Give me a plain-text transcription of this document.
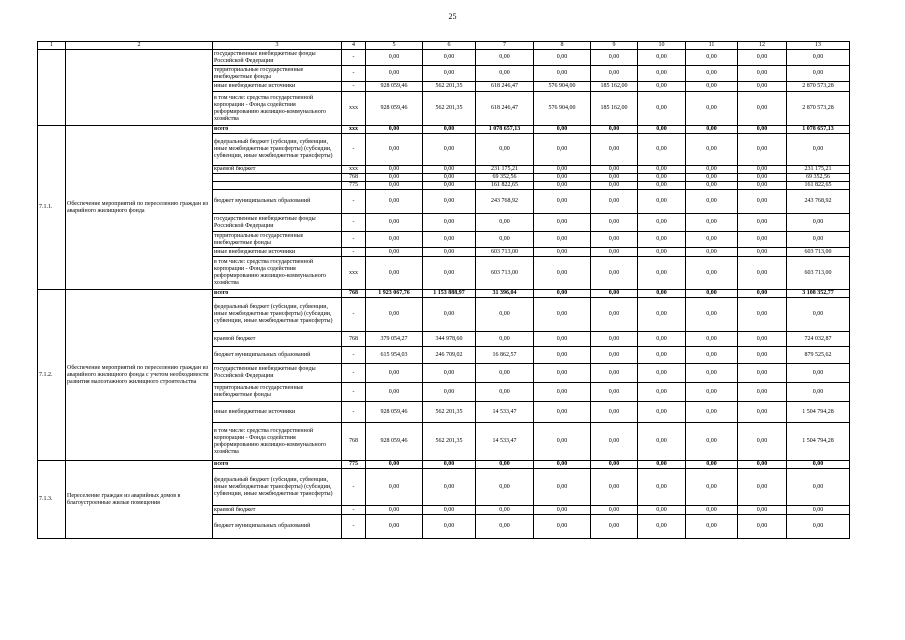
25
1	2	3	4	5	6	7	8	9	10	11	12	13
		государственные внебюджетные фонды Российской Федерации	-	0,00	0,00	0,00	0,00	0,00	0,00	0,00	0,00	0,00
		территориальные государственные внебюджетные фонды	-	0,00	0,00	0,00	0,00	0,00	0,00	0,00	0,00	0,00
		иные внебюджетные источники	-	928 059,46	562 201,35	618 246,47	576 904,00	185 162,00	0,00	0,00	0,00	2 870 573,28
		в том числе: средства государственной корпорации - Фонда содействия реформированию жилищно-коммунального хозяйства	ххх	928 059,46	562 201,35	618 246,47	576 904,00	185 162,00	0,00	0,00	0,00	2 870 573,28
7.1.1.	Обеспечение мероприятий по переселению граждан из аварийного жилищного фонда	всего	ххх	0,00	0,00	1 078 657,13	0,00	0,00	0,00	0,00	0,00	1 078 657,13
		федеральный бюджет (субсидии, субвенции, иные межбюджетные трансферты) (субсидии, субвенции, иные межбюджетные трансферты)	-	0,00	0,00	0,00	0,00	0,00	0,00	0,00	0,00	0,00
		краевой бюджет	ххх	0,00	0,00	231 175,21	0,00	0,00	0,00	0,00	0,00	231 175,21
			768	0,00	0,00	69 352,56	0,00	0,00	0,00	0,00	0,00	69 352,56
			775	0,00	0,00	161 822,65	0,00	0,00	0,00	0,00	0,00	161 822,65
		бюджет муниципальных образований	-	0,00	0,00	243 768,92	0,00	0,00	0,00	0,00	0,00	243 768,92
		государственные внебюджетные фонды Российской Федерации	-	0,00	0,00	0,00	0,00	0,00	0,00	0,00	0,00	0,00
		территориальные государственные внебюджетные фонды	-	0,00	0,00	0,00	0,00	0,00	0,00	0,00	0,00	0,00
		иные внебюджетные источники	-	0,00	0,00	603 713,00	0,00	0,00	0,00	0,00	0,00	603 713,00
		в том числе: средства государственной корпорации - Фонда содействия реформированию жилищно-коммунального хозяйства	ххх	0,00	0,00	603 713,00	0,00	0,00	0,00	0,00	0,00	603 713,00
7.1.2.	Обеспечение мероприятий по переселению граждан из аварийного жилищного фонда с учетом необходимости развития малоэтажного жилищного строительства	всего	768	1 923 067,76	1 153 888,97	31 396,04	0,00	0,00	0,00	0,00	0,00	3 108 352,77
		федеральный бюджет (субсидии, субвенции, иные межбюджетные трансферты) (субсидии, субвенции, иные межбюджетные трансферты)	-	0,00	0,00	0,00	0,00	0,00	0,00	0,00	0,00	0,00
		краевой бюджет	768	379 054,27	344 978,60	0,00	0,00	0,00	0,00	0,00	0,00	724 032,87
		бюджет муниципальных образований	-	615 954,03	246 709,02	16 862,57	0,00	0,00	0,00	0,00	0,00	879 525,62
		государственные внебюджетные фонды Российской Федерации	-	0,00	0,00	0,00	0,00	0,00	0,00	0,00	0,00	0,00
		территориальные государственные внебюджетные фонды	-	0,00	0,00	0,00	0,00	0,00	0,00	0,00	0,00	0,00
		иные внебюджетные источники	-	928 059,46	562 201,35	14 533,47	0,00	0,00	0,00	0,00	0,00	1 504 794,28
		в том числе: средства государственной корпорации - Фонда содействия реформированию жилищно-коммунального хозяйства	768	928 059,46	562 201,35	14 533,47	0,00	0,00	0,00	0,00	0,00	1 504 794,28
7.1.3.	Переселение граждан из аварийных домов в благоустроенные жилые помещения	всего	775	0,00	0,00	0,00	0,00	0,00	0,00	0,00	0,00	0,00
		федеральный бюджет (субсидии, субвенции, иные межбюджетные трансферты) (субсидии, субвенции, иные межбюджетные трансферты)	-	0,00	0,00	0,00	0,00	0,00	0,00	0,00	0,00	0,00
		краевой бюджет	-	0,00	0,00	0,00	0,00	0,00	0,00	0,00	0,00	0,00
		бюджет муниципальных образований	-	0,00	0,00	0,00	0,00	0,00	0,00	0,00	0,00	0,00
